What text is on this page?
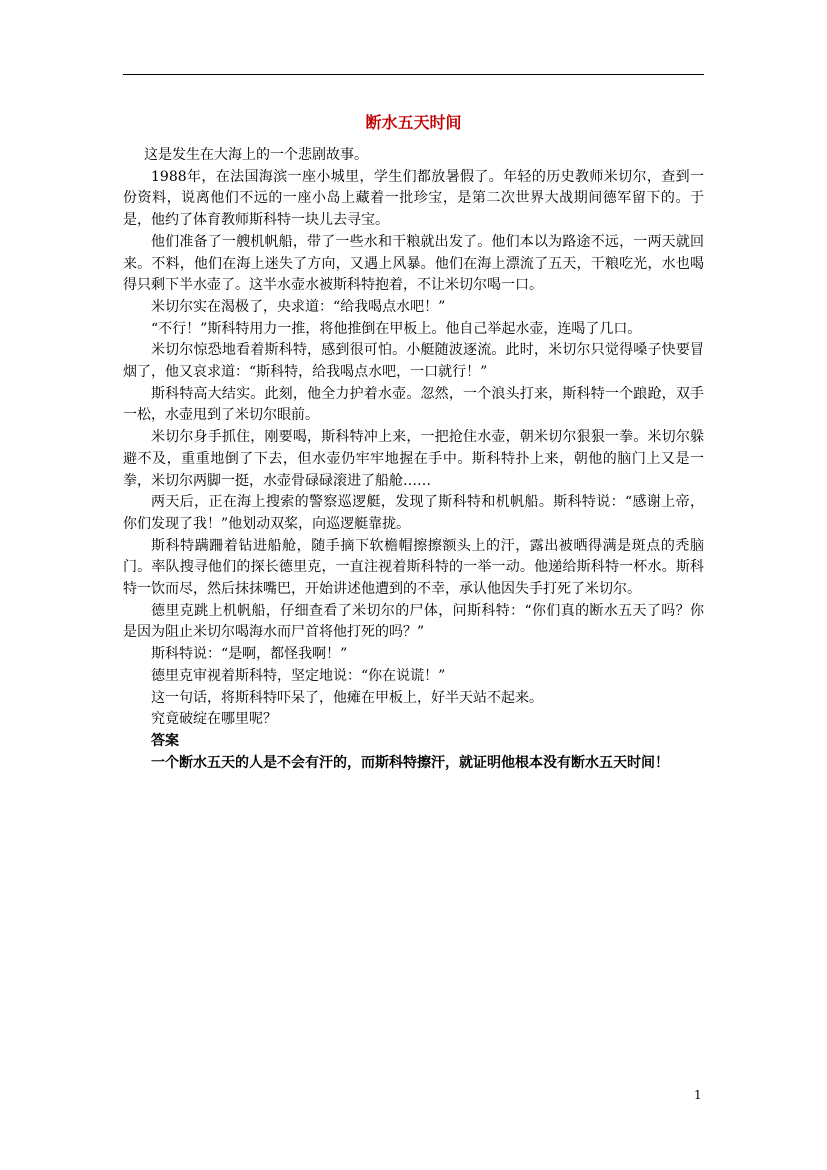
断水五天时间

这是发生在大海上的一个悲剧故事。

1988年，在法国海滨一座小城里，学生们都放暑假了。年轻的历史教师米切尔，查到一份资料，说离他们不远的一座小岛上藏着一批珍宝，是第二次世界大战期间德军留下的。于是，他约了体育教师斯科特一块儿去寻宝。

他们准备了一艘机帆船，带了一些水和干粮就出发了。他们本以为路途不远，一两天就回来。不料，他们在海上迷失了方向，又遇上风暴。他们在海上漂流了五天，干粮吃光，水也喝得只剩下半水壶了。这半水壶水被斯科特抱着，不让米切尔喝一口。

米切尔实在渴极了，央求道：“给我喝点水吧！”

“不行！”斯科特用力一推，将他推倒在甲板上。他自己举起水壶，连喝了几口。

米切尔惊恐地看着斯科特，感到很可怕。小艇随波逐流。此时，米切尔只觉得嗓子快要冒烟了，他又哀求道：“斯科特，给我喝点水吧，一口就行！”

斯科特高大结实。此刻，他全力护着水壶。忽然，一个浪头打来，斯科特一个踉跄，双手一松，水壶甩到了米切尔眼前。

米切尔身手抓住，刚要喝，斯科特冲上来，一把抢住水壶，朝米切尔狠狠一拳。米切尔躲避不及，重重地倒了下去，但水壶仍牢牢地握在手中。斯科特扑上来，朝他的脑门上又是一拳，米切尔两脚一挺，水壶骨碌碌滚进了船舱……

两天后，正在海上搜索的警察巡逻艇，发现了斯科特和机帆船。斯科特说：“感谢上帝，你们发现了我！”他划动双桨，向巡逻艇靠拢。

斯科特蹒跚着钻进船舱，随手摘下软檐帽擦擦额头上的汗，露出被晒得满是斑点的秃脑门。率队搜寻他们的探长德里克，一直注视着斯科特的一举一动。他递给斯科特一杯水。斯科特一饮而尽，然后抹抹嘴巴，开始讲述他遭到的不幸，承认他因失手打死了米切尔。

德里克跳上机帆船，仔细查看了米切尔的尸体，问斯科特：“你们真的断水五天了吗？你是因为阻止米切尔喝海水而尸首将他打死的吗？”

斯科特说：“是啊，都怪我啊！”

德里克审视着斯科特，坚定地说：“你在说谎！”

这一句话，将斯科特吓呆了，他瘫在甲板上，好半天站不起来。

究竟破绽在哪里呢？

答案

一个断水五天的人是不会有汗的，而斯科特擦汗，就证明他根本没有断水五天时间！

1
